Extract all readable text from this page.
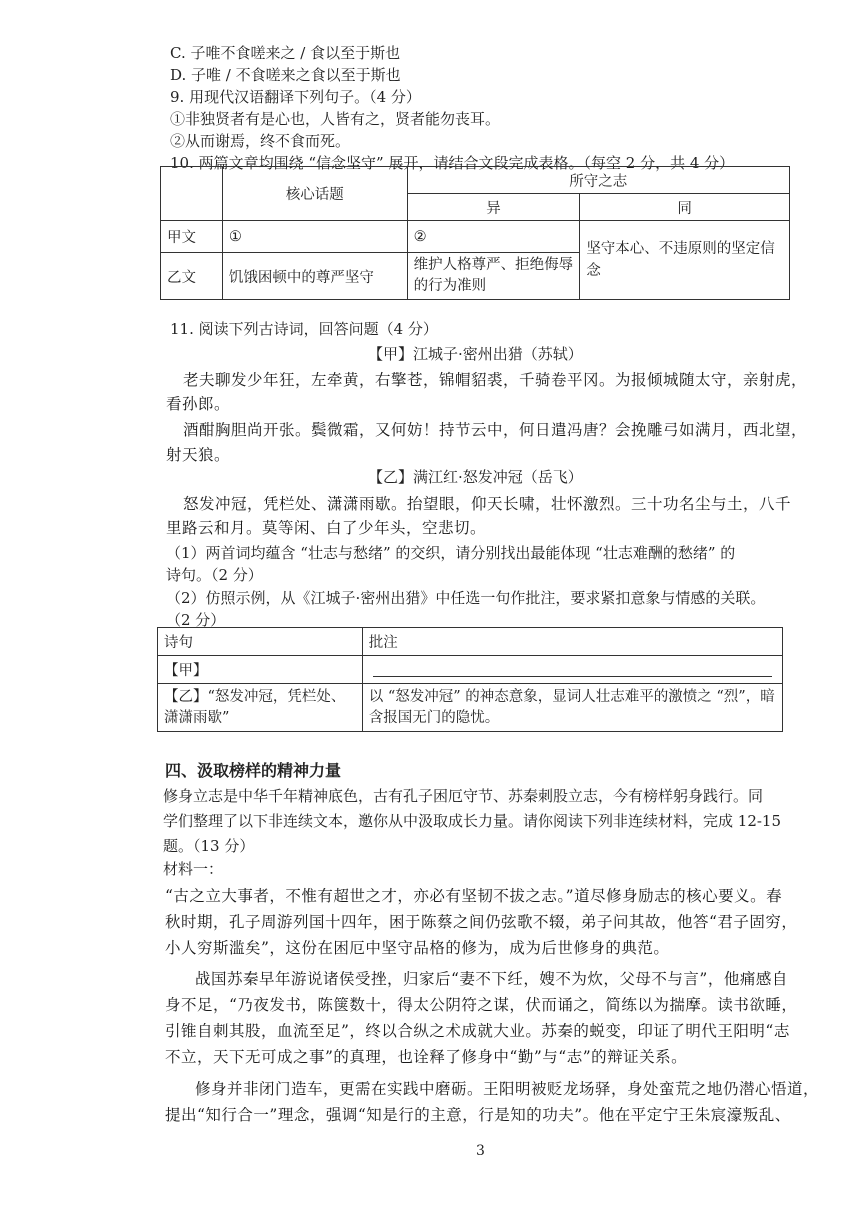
C. 子唯不食嗟来之 / 食以至于斯也
D. 子唯 / 不食嗟来之食以至于斯也
9. 用现代汉语翻译下列句子。（4 分）
①非独贤者有是心也，人皆有之，贤者能勿丧耳。
②从而谢焉，终不食而死。
10. 两篇文章均围绕 “信念坚守” 展开，请结合文段完成表格。（每空 2 分，共 4 分）
	核心话题	所守之志	
		异	同
甲文	①	②	坚守本心、不违原则的坚定信念
乙文	饥饿困顿中的尊严坚守	维护人格尊严、拒绝侮辱的行为准则	
11. 阅读下列古诗词，回答问题（4 分）
【甲】江城子·密州出猎（苏轼）
老夫聊发少年狂，左牵黄，右擎苍，锦帽貂裘，千骑卷平冈。为报倾城随太守，亲射虎，
看孙郎。
酒酣胸胆尚开张。鬓微霜，又何妨！持节云中，何日遣冯唐？会挽雕弓如满月，西北望，
射天狼。
【乙】满江红·怒发冲冠（岳飞）
怒发冲冠，凭栏处、潇潇雨歇。抬望眼，仰天长啸，壮怀激烈。三十功名尘与土，八千
里路云和月。莫等闲、白了少年头，空悲切。
（1）两首词均蕴含 “壮志与愁绪” 的交织，请分别找出最能体现 “壮志难酬的愁绪” 的
诗句。（2 分）
（2）仿照示例，从《江城子·密州出猎》中任选一句作批注，要求紧扣意象与情感的关联。
（2 分）
诗句	批注
【甲】	

【乙】“怒发冲冠，凭栏处、潇潇雨歇”	以 “怒发冲冠” 的神态意象，显词人壮志难平的激愤之 “烈”，暗含报国无门的隐忧。
四、汲取榜样的精神力量
修身立志是中华千年精神底色，古有孔子困厄守节、苏秦刺股立志，今有榜样躬身践行。同
学们整理了以下非连续文本，邀你从中汲取成长力量。请你阅读下列非连续材料，完成 12-15
题。（13 分）
材料一：
“古之立大事者，不惟有超世之才，亦必有坚韧不拔之志。”道尽修身励志的核心要义。春
秋时期，孔子周游列国十四年，困于陈蔡之间仍弦歌不辍，弟子问其故，他答“君子固穷，
小人穷斯滥矣”，这份在困厄中坚守品格的修为，成为后世修身的典范。
战国苏秦早年游说诸侯受挫，归家后“妻不下纴，嫂不为炊，父母不与言”，他痛感自
身不足，“乃夜发书，陈箧数十，得太公阴符之谋，伏而诵之，简练以为揣摩。读书欲睡，
引锥自刺其股，血流至足”，终以合纵之术成就大业。苏秦的蜕变，印证了明代王阳明“志
不立，天下无可成之事”的真理，也诠释了修身中“勤”与“志”的辩证关系。
修身并非闭门造车，更需在实践中磨砺。王阳明被贬龙场驿，身处蛮荒之地仍潜心悟道，
提出“知行合一”理念，强调“知是行的主意，行是知的功夫”。他在平定宁王朱宸濠叛乱、
3
